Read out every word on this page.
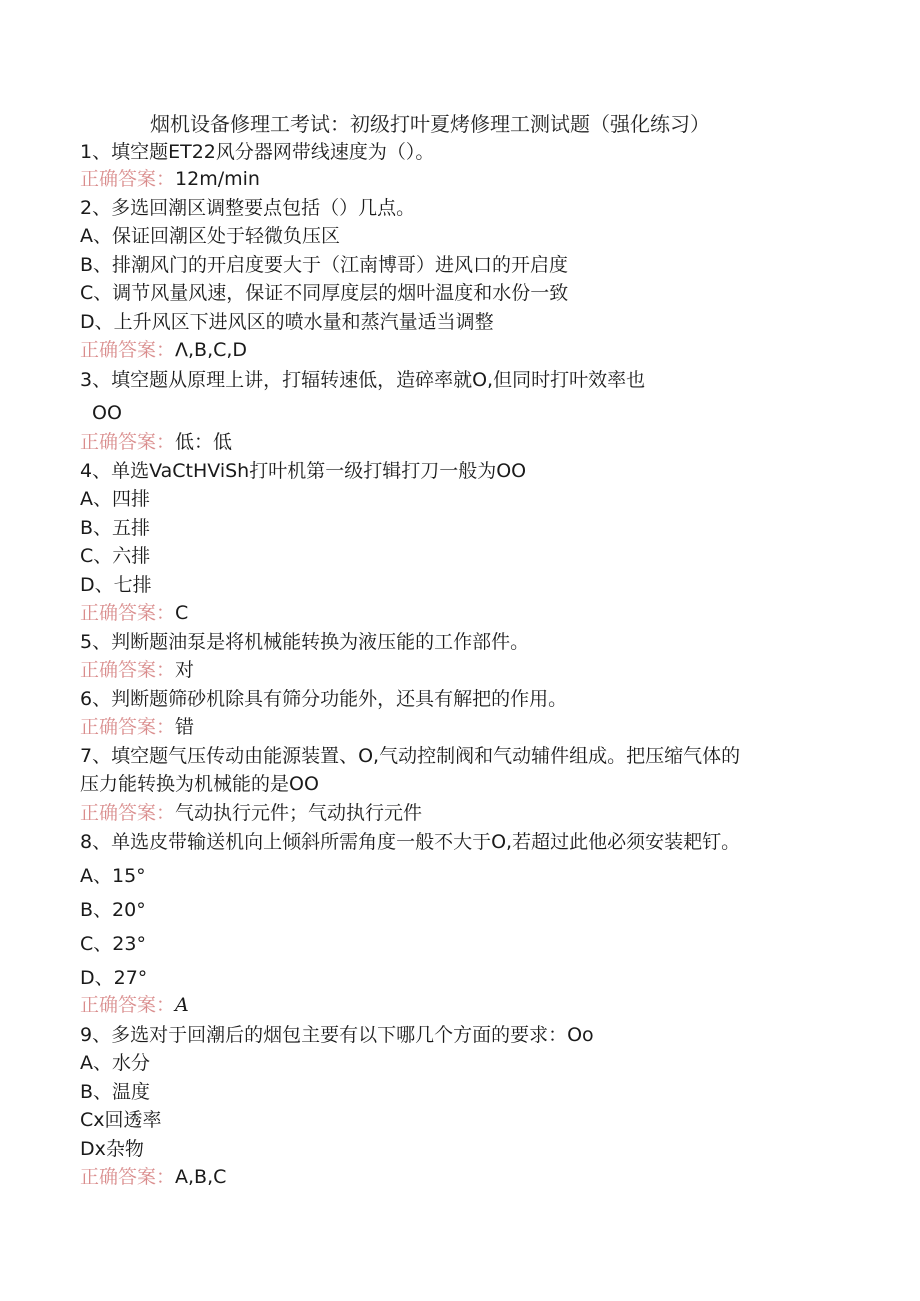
烟机设备修理工考试：初级打叶夏烤修理工测试题（强化练习）
1、填空题ET22风分器网带线速度为（）。
正确答案：12m/min
2、多选回潮区调整要点包括（）几点。
A、保证回潮区处于轻微负压区
B、排潮风门的开启度要大于（江南博哥）进风口的开启度
C、调节风量风速，保证不同厚度层的烟叶温度和水份一致
D、上升风区下进风区的喷水量和蒸汽量适当调整
正确答案：Λ,B,C,D
3、填空题从原理上讲，打辐转速低，造碎率就O,但同时打叶效率也
OO
正确答案：低：低
4、单选VaCtHViSh打叶机第一级打辑打刀一般为OO
A、四排
B、五排
C、六排
D、七排
正确答案：C
5、判断题油泵是将机械能转换为液压能的工作部件。
正确答案：对
6、判断题筛砂机除具有筛分功能外，还具有解把的作用。
正确答案：错
7、填空题气压传动由能源装置、O,气动控制阀和气动辅件组成。把压缩气体的
压力能转换为机械能的是OO
正确答案：气动执行元件；气动执行元件
8、单选皮带输送机向上倾斜所需角度一般不大于O,若超过此他必须安装耙钉。
A、15°
B、20°
C、23°
D、27°
正确答案：A
9、多选对于回潮后的烟包主要有以下哪几个方面的要求：Oo
A、水分
B、温度
Cx回透率
Dx杂物
正确答案：A,B,C
